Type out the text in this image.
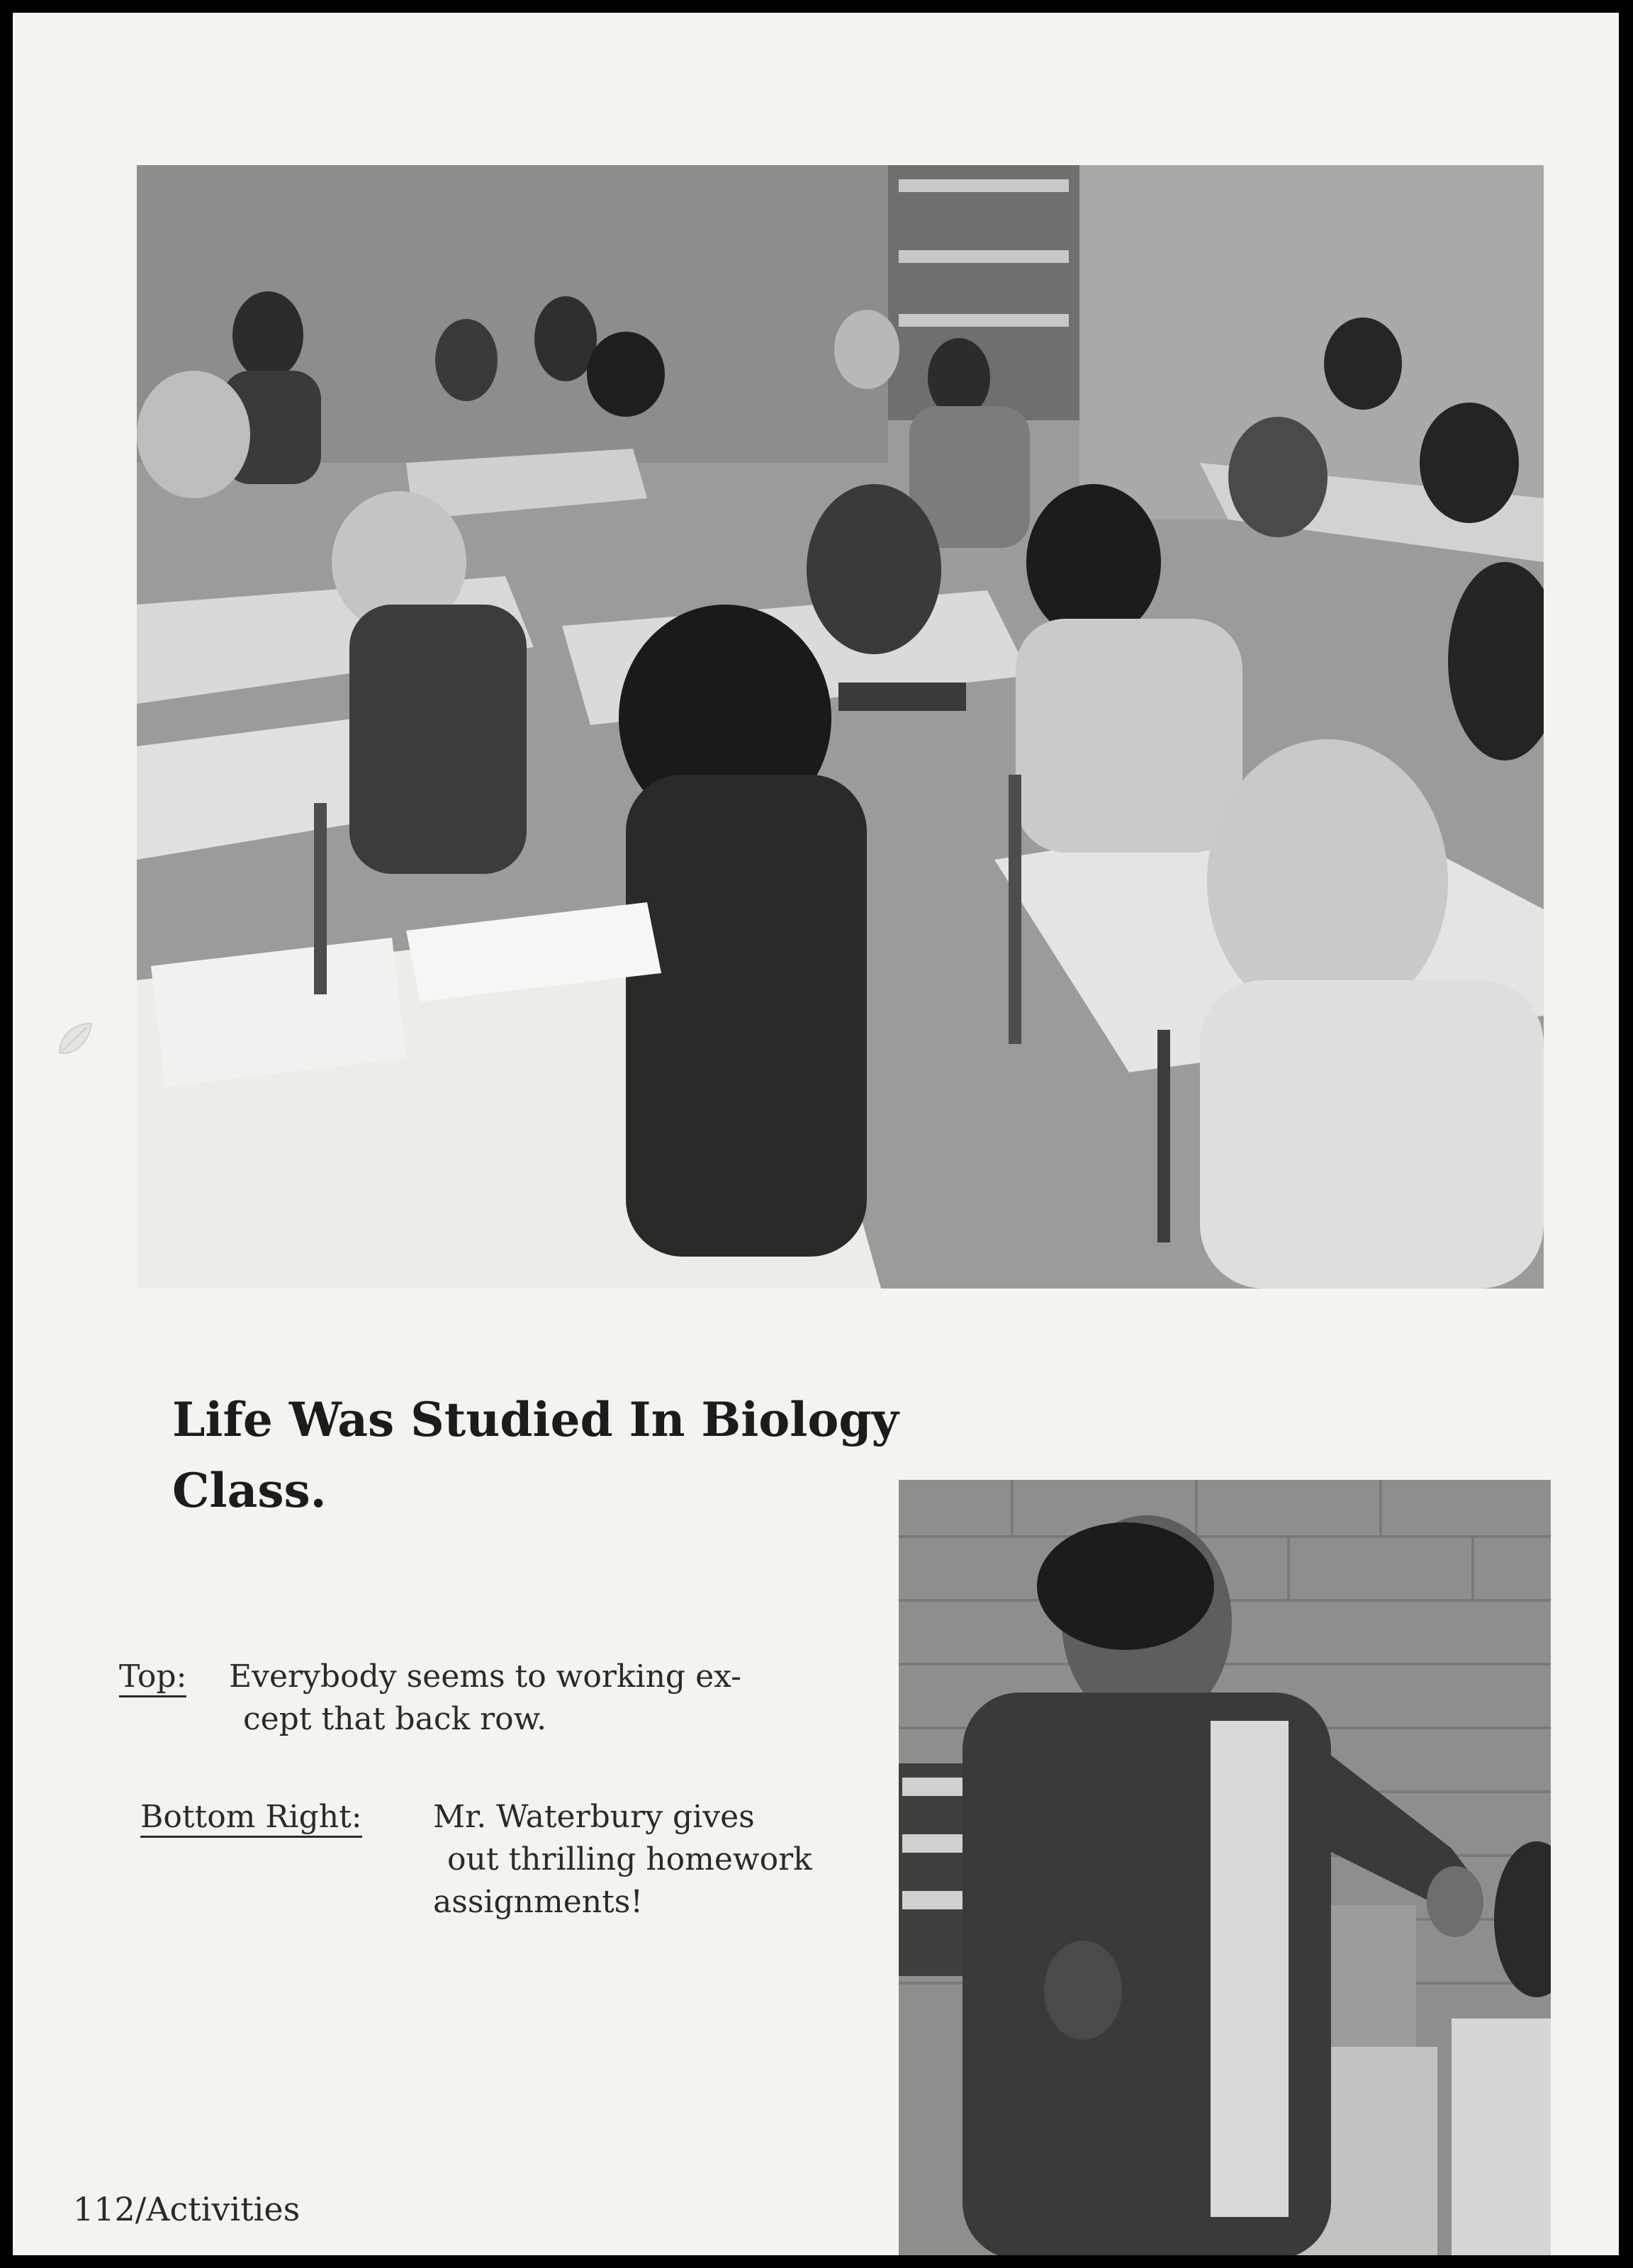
Life Was Studied In Biology
Class.
Top: Everybody seems to working ex-
cept that back row.
Bottom Right: Mr. Waterbury gives
out thrilling homework
assignments!
112/Activities
